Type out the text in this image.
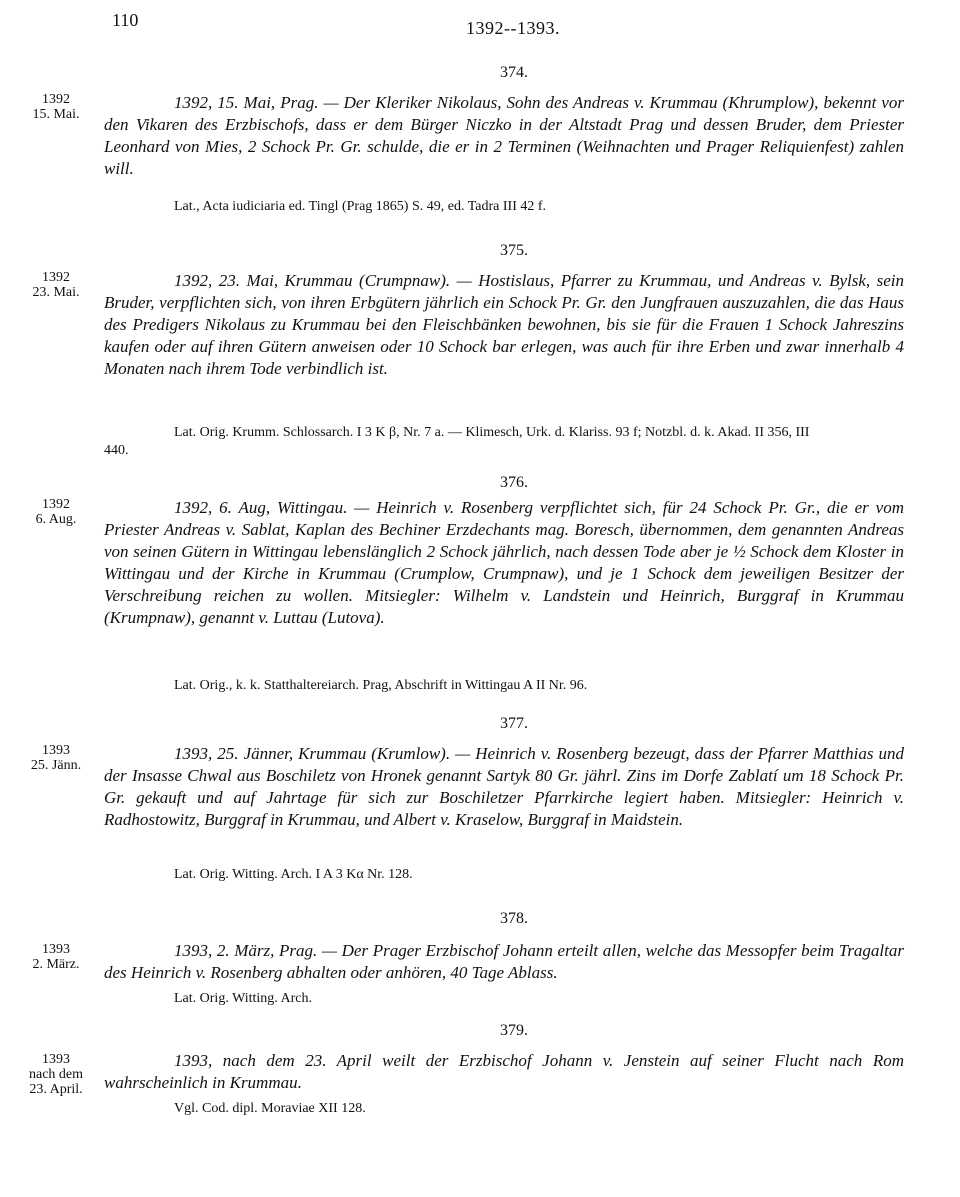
110	1392--1393.
374.
1392
15. Mai.
1392, 15. Mai, Prag. — Der Kleriker Nikolaus, Sohn des Andreas v. Krummau (Khrumplow), bekennt vor den Vikaren des Erzbischofs, dass er dem Bürger Niczko in der Altstadt Prag und dessen Bruder, dem Priester Leonhard von Mies, 2 Schock Pr. Gr. schulde, die er in 2 Terminen (Weihnachten und Prager Reliquienfest) zahlen will.
Lat., Acta iudiciaria ed. Tingl (Prag 1865) S. 49, ed. Tadra III 42 f.
375.
1392
23. Mai.
1392, 23. Mai, Krummau (Crumpnaw). — Hostislaus, Pfarrer zu Krummau, und Andreas v. Bylsk, sein Bruder, verpflichten sich, von ihren Erbgütern jährlich ein Schock Pr. Gr. den Jungfrauen auszuzahlen, die das Haus des Predigers Nikolaus zu Krummau bei den Fleischbänken bewohnen, bis sie für die Frauen 1 Schock Jahreszins kaufen oder auf ihren Gütern anweisen oder 10 Schock bar erlegen, was auch für ihre Erben und zwar innerhalb 4 Monaten nach ihrem Tode verbindlich ist.
Lat. Orig. Krumm. Schlossarch. I 3 K β, Nr. 7 a. — Klimesch, Urk. d. Klariss. 93 f; Notzbl. d. k. Akad. II 356, III 440.
376.
1392
6. Aug.
1392, 6. Aug, Wittingau. — Heinrich v. Rosenberg verpflichtet sich, für 24 Schock Pr. Gr., die er vom Priester Andreas v. Sablat, Kaplan des Bechiner Erzdechants mag. Boresch, übernommen, dem genannten Andreas von seinen Gütern in Wittingau lebenslänglich 2 Schock jährlich, nach dessen Tode aber je ½ Schock dem Kloster in Wittingau und der Kirche in Krummau (Crumplow, Crumpnaw), und je 1 Schock dem jeweiligen Besitzer der Verschreibung reichen zu wollen. Mitsiegler: Wilhelm v. Landstein und Heinrich, Burggraf in Krummau (Krumpnaw), genannt v. Luttau (Lutova).
Lat. Orig., k. k. Statthaltereiarch. Prag, Abschrift in Wittingau A II Nr. 96.
377.
1393
25. Jänn.
1393, 25. Jänner, Krummau (Krumlow). — Heinrich v. Rosenberg bezeugt, dass der Pfarrer Matthias und der Insasse Chwal aus Boschiletz von Hronek genannt Sartyk 80 Gr. jährl. Zins im Dorfe Zablatí um 18 Schock Pr. Gr. gekauft und auf Jahrtage für sich zur Boschiletzer Pfarrkirche legiert haben. Mitsiegler: Heinrich v. Radhostowitz, Burggraf in Krummau, und Albert v. Kraselow, Burggraf in Maidstein.
Lat. Orig. Witting. Arch. I A 3 Kα Nr. 128.
378.
1393
2. März.
1393, 2. März, Prag. — Der Prager Erzbischof Johann erteilt allen, welche das Messopfer beim Tragaltar des Heinrich v. Rosenberg abhalten oder anhören, 40 Tage Ablass.
Lat. Orig. Witting. Arch.
379.
1393
nach dem 23. April.
1393, nach dem 23. April weilt der Erzbischof Johann v. Jenstein auf seiner Flucht nach Rom wahrscheinlich in Krummau.
Vgl. Cod. dipl. Moraviae XII 128.
